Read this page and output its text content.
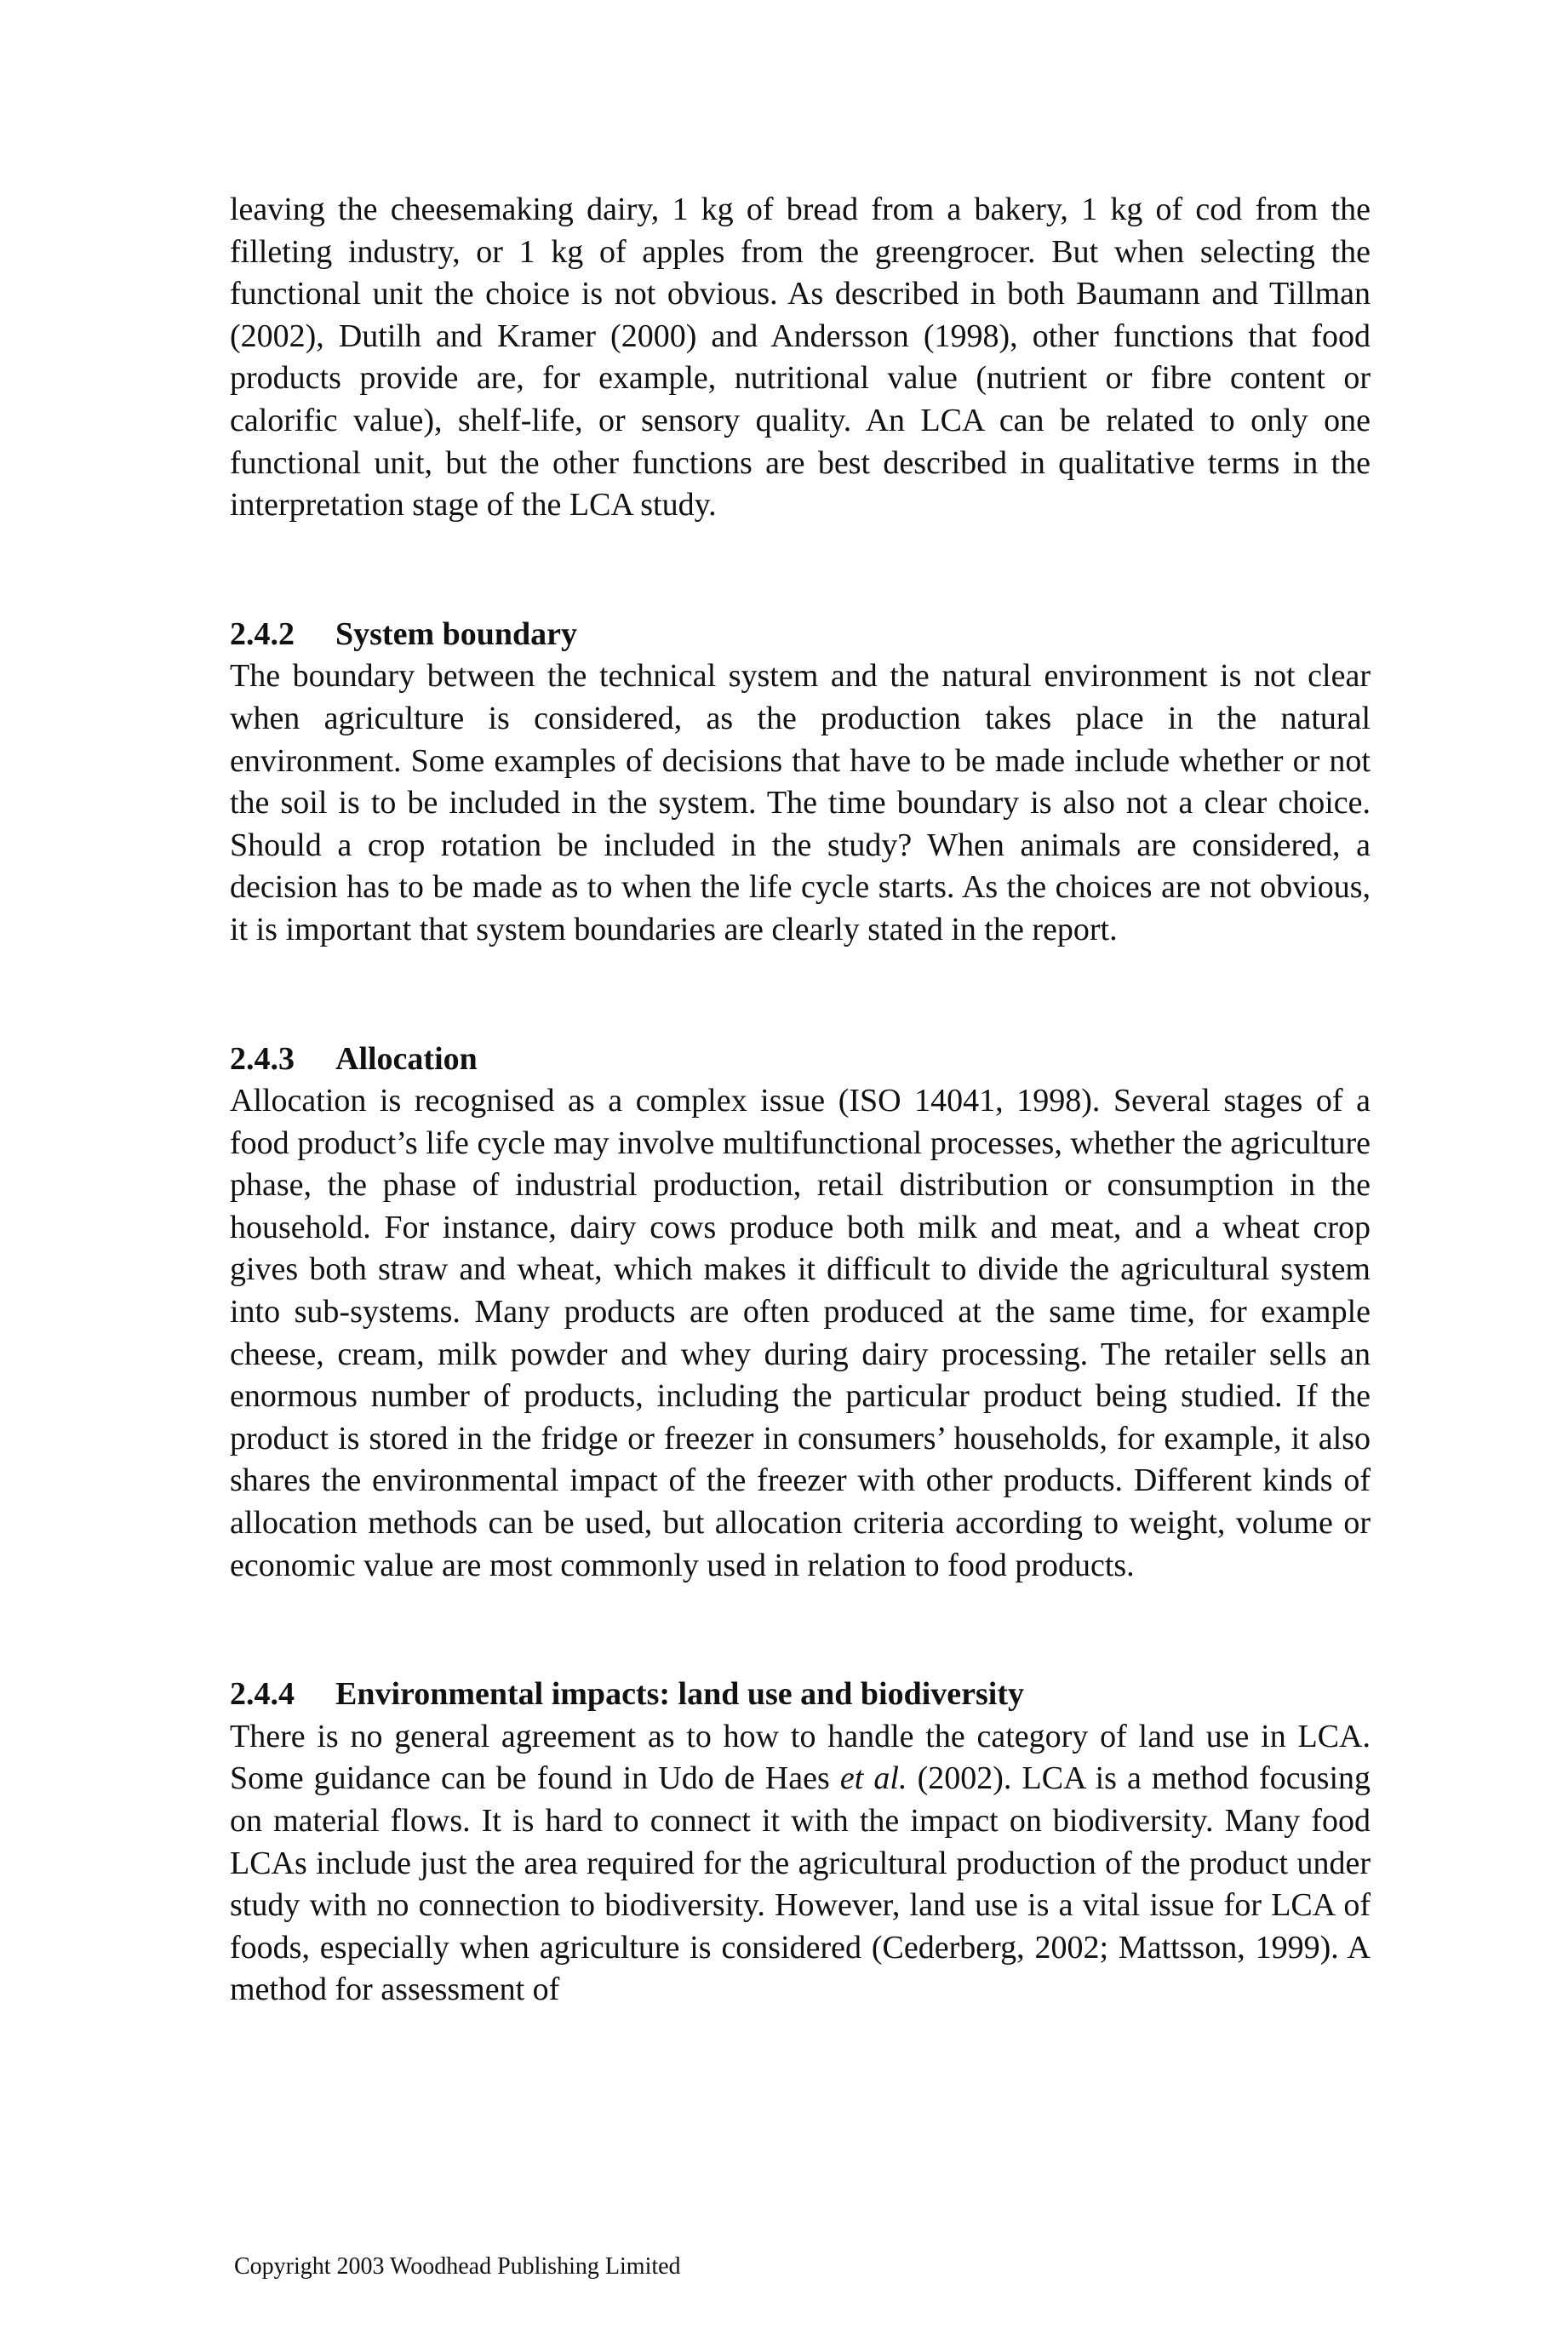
leaving the cheesemaking dairy, 1 kg of bread from a bakery, 1 kg of cod from the filleting industry, or 1 kg of apples from the greengrocer. But when selecting the functional unit the choice is not obvious. As described in both Baumann and Tillman (2002), Dutilh and Kramer (2000) and Andersson (1998), other functions that food products provide are, for example, nutritional value (nutrient or fibre content or calorific value), shelf-life, or sensory quality. An LCA can be related to only one functional unit, but the other functions are best described in qualitative terms in the interpretation stage of the LCA study.

2.4.2 System boundary

The boundary between the technical system and the natural environment is not clear when agriculture is considered, as the production takes place in the natural environment. Some examples of decisions that have to be made include whether or not the soil is to be included in the system. The time boundary is also not a clear choice. Should a crop rotation be included in the study? When animals are considered, a decision has to be made as to when the life cycle starts. As the choices are not obvious, it is important that system boundaries are clearly stated in the report.

2.4.3 Allocation

Allocation is recognised as a complex issue (ISO 14041, 1998). Several stages of a food product’s life cycle may involve multifunctional processes, whether the agriculture phase, the phase of industrial production, retail distribution or consumption in the household. For instance, dairy cows produce both milk and meat, and a wheat crop gives both straw and wheat, which makes it difficult to divide the agricultural system into sub-systems. Many products are often produced at the same time, for example cheese, cream, milk powder and whey during dairy processing. The retailer sells an enormous number of products, including the particular product being studied. If the product is stored in the fridge or freezer in consumers’ households, for example, it also shares the environmental impact of the freezer with other products. Different kinds of allocation methods can be used, but allocation criteria according to weight, volume or economic value are most commonly used in relation to food products.

2.4.4 Environmental impacts: land use and biodiversity

There is no general agreement as to how to handle the category of land use in LCA. Some guidance can be found in Udo de Haes et al. (2002). LCA is a method focusing on material flows. It is hard to connect it with the impact on biodiversity. Many food LCAs include just the area required for the agricultural production of the product under study with no connection to biodiversity. However, land use is a vital issue for LCA of foods, especially when agriculture is considered (Cederberg, 2002; Mattsson, 1999). A method for assessment of

Copyright 2003 Woodhead Publishing Limited
